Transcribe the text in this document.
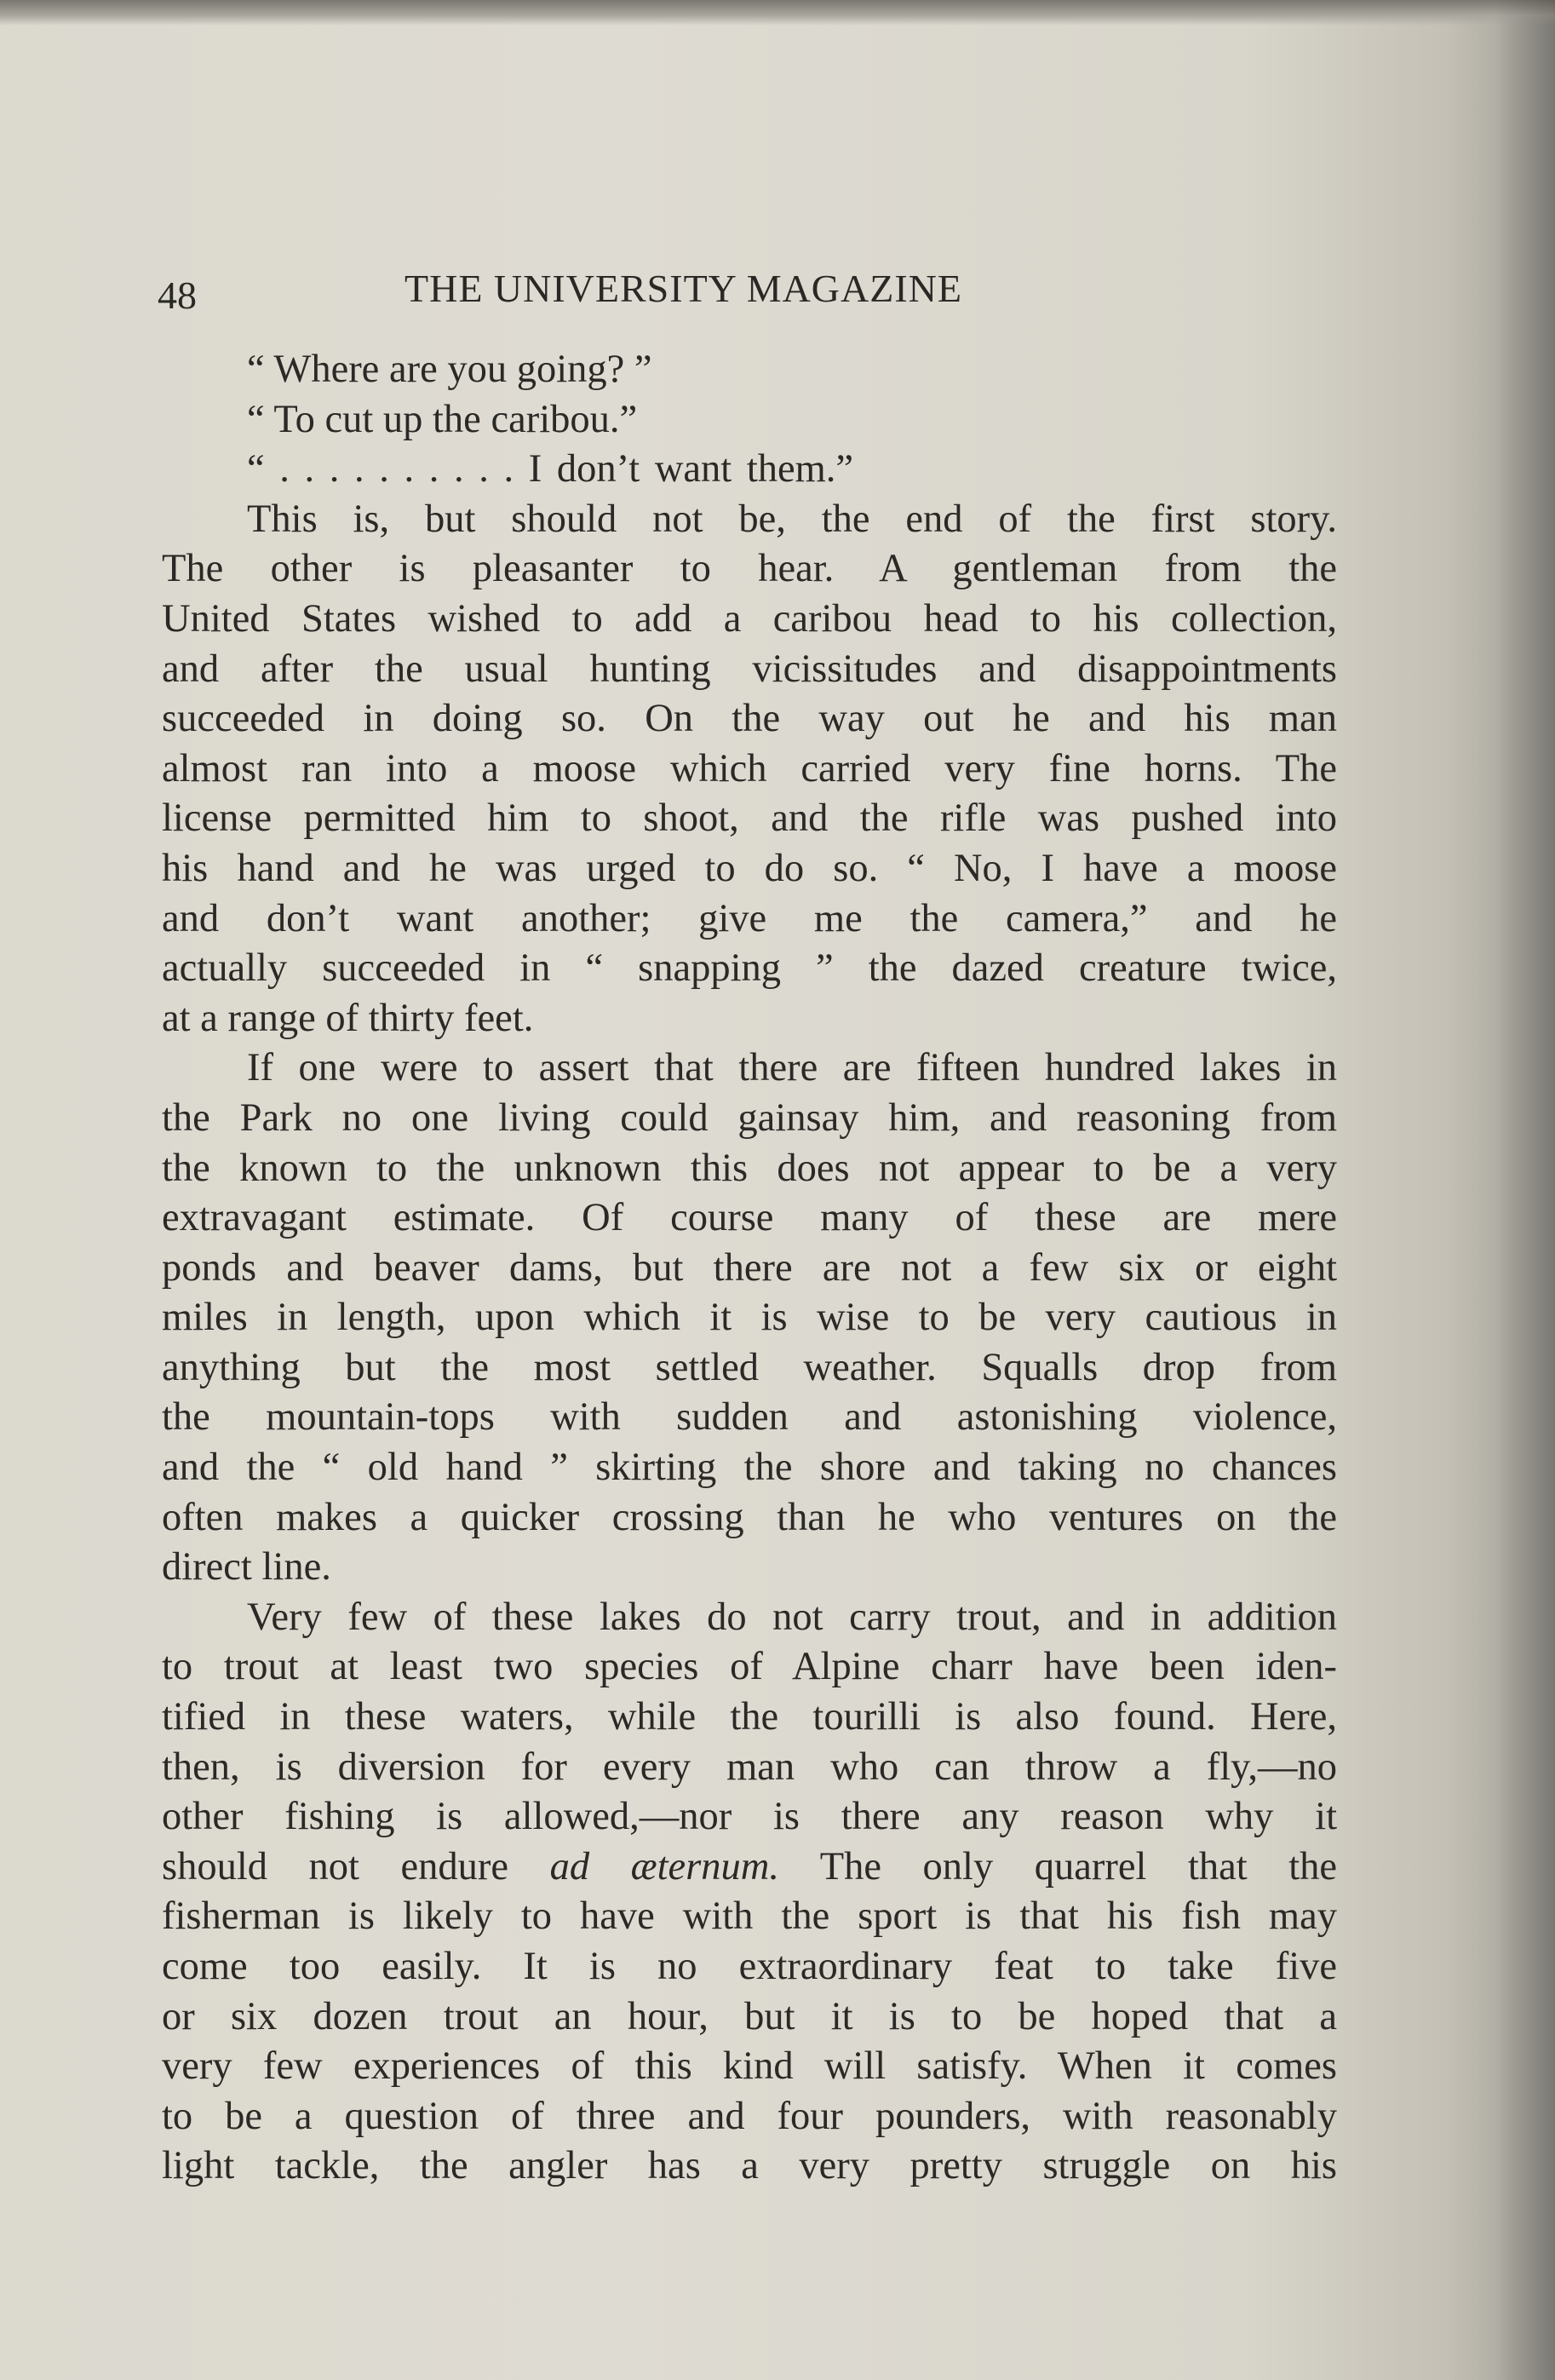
48	THE UNIVERSITY MAGAZINE
“ Where are you going? ”
“ To cut up the caribou.”
“ . . . . . . . . . . I don’t want them.”
This is, but should not be, the end of the first story.
The other is pleasanter to hear. A gentleman from the
United States wished to add a caribou head to his collection,
and after the usual hunting vicissitudes and disappointments
succeeded in doing so. On the way out he and his man
almost ran into a moose which carried very fine horns. The
license permitted him to shoot, and the rifle was pushed into
his hand and he was urged to do so. “ No, I have a moose
and don’t want another; give me the camera,” and he
actually succeeded in “ snapping ” the dazed creature twice,
at a range of thirty feet.
If one were to assert that there are fifteen hundred lakes in
the Park no one living could gainsay him, and reasoning from
the known to the unknown this does not appear to be a very
extravagant estimate. Of course many of these are mere
ponds and beaver dams, but there are not a few six or eight
miles in length, upon which it is wise to be very cautious in
anything but the most settled weather. Squalls drop from
the mountain-tops with sudden and astonishing violence,
and the “ old hand ” skirting the shore and taking no chances
often makes a quicker crossing than he who ventures on the
direct line.
Very few of these lakes do not carry trout, and in addition
to trout at least two species of Alpine charr have been iden-
tified in these waters, while the tourilli is also found. Here,
then, is diversion for every man who can throw a fly,—no
other fishing is allowed,—nor is there any reason why it
should not endure ad æternum. The only quarrel that the
fisherman is likely to have with the sport is that his fish may
come too easily. It is no extraordinary feat to take five
or six dozen trout an hour, but it is to be hoped that a
very few experiences of this kind will satisfy. When it comes
to be a question of three and four pounders, with reasonably
light tackle, the angler has a very pretty struggle on his
